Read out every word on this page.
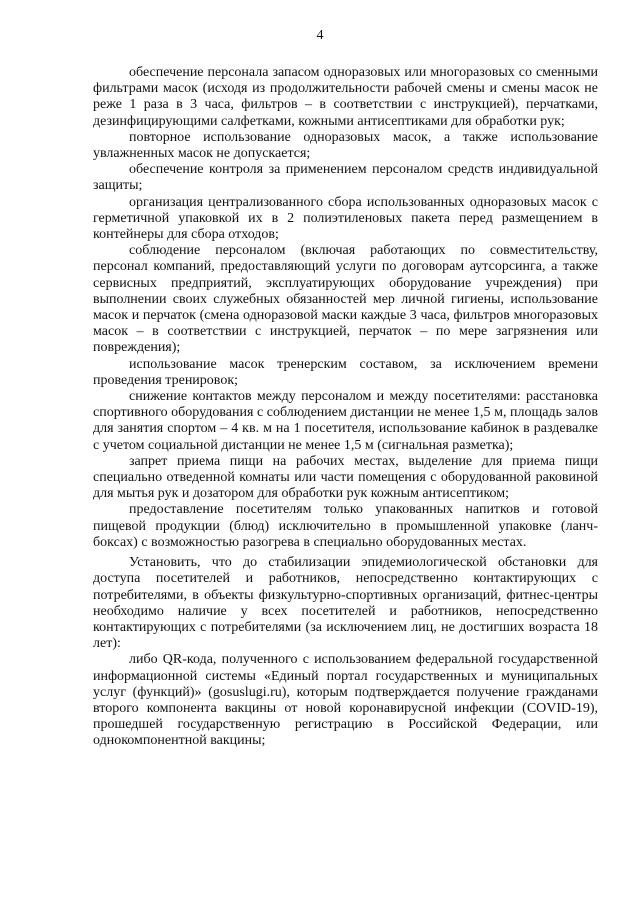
4

обеспечение персонала запасом одноразовых или многоразовых со сменными фильтрами масок (исходя из продолжительности рабочей смены и смены масок не реже 1 раза в 3 часа, фильтров – в соответствии с инструкцией), перчатками, дезинфицирующими салфетками, кожными антисептиками для обработки рук;

повторное использование одноразовых масок, а также использование увлажненных масок не допускается;

обеспечение контроля за применением персоналом средств индивидуальной защиты;

организация централизованного сбора использованных одноразовых масок с герметичной упаковкой их в 2 полиэтиленовых пакета перед размещением в контейнеры для сбора отходов;

соблюдение персоналом (включая работающих по совместительству, персонал компаний, предоставляющий услуги по договорам аутсорсинга, а также сервисных предприятий, эксплуатирующих оборудование учреждения) при выполнении своих служебных обязанностей мер личной гигиены, использование масок и перчаток (смена одноразовой маски каждые 3 часа, фильтров многоразовых масок – в соответствии с инструкцией, перчаток – по мере загрязнения или повреждения);

использование масок тренерским составом, за исключением времени проведения тренировок;

снижение контактов между персоналом и между посетителями: расстановка спортивного оборудования с соблюдением дистанции не менее 1,5 м, площадь залов для занятия спортом – 4 кв. м на 1 посетителя, использование кабинок в раздевалке с учетом социальной дистанции не менее 1,5 м (сигнальная разметка);

запрет приема пищи на рабочих местах, выделение для приема пищи специально отведенной комнаты или части помещения с оборудованной раковиной для мытья рук и дозатором для обработки рук кожным антисептиком;

предоставление посетителям только упакованных напитков и готовой пищевой продукции (блюд) исключительно в промышленной упаковке (ланч-боксах) с возможностью разогрева в специально оборудованных местах.

Установить, что до стабилизации эпидемиологической обстановки для доступа посетителей и работников, непосредственно контактирующих с потребителями, в объекты физкультурно-спортивных организаций, фитнес-центры необходимо наличие у всех посетителей и работников, непосредственно контактирующих с потребителями (за исключением лиц, не достигших возраста 18 лет):

либо QR-кода, полученного с использованием федеральной государственной информационной системы «Единый портал государственных и муниципальных услуг (функций)» (gosuslugi.ru), которым подтверждается получение гражданами второго компонента вакцины от новой коронавирусной инфекции (COVID-19), прошедшей государственную регистрацию в Российской Федерации, или однокомпонентной вакцины;
